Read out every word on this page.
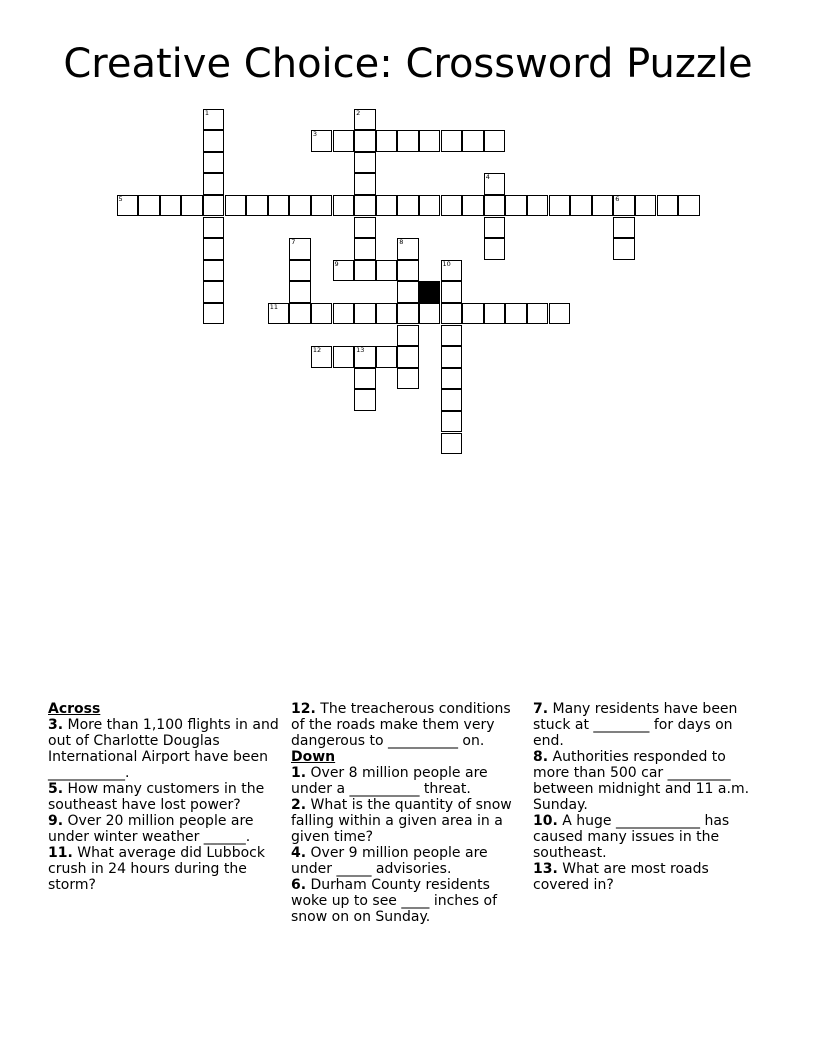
Creative Choice: Crossword Puzzle
1	2
3
4
5	6
7	8
9	10
11
12	13
Across
3. More than 1,100 flights in and out of Charlotte Douglas International Airport have been ___________.
5. How many customers in the southeast have lost power?
9. Over 20 million people are under winter weather ______.
11. What average did Lubbock crush in 24 hours during the storm?
12. The treacherous conditions of the roads make them very dangerous to __________ on.
Down
1. Over 8 million people are under a __________ threat.
2. What is the quantity of snow falling within a given area in a given time?
4. Over 9 million people are under _____ advisories.
6. Durham County residents woke up to see ____ inches of snow on on Sunday.
7. Many residents have been stuck at ________ for days on end.
8. Authorities responded to more than 500 car _________ between midnight and 11 a.m. Sunday.
10. A huge ____________ has caused many issues in the southeast.
13. What are most roads covered in?
